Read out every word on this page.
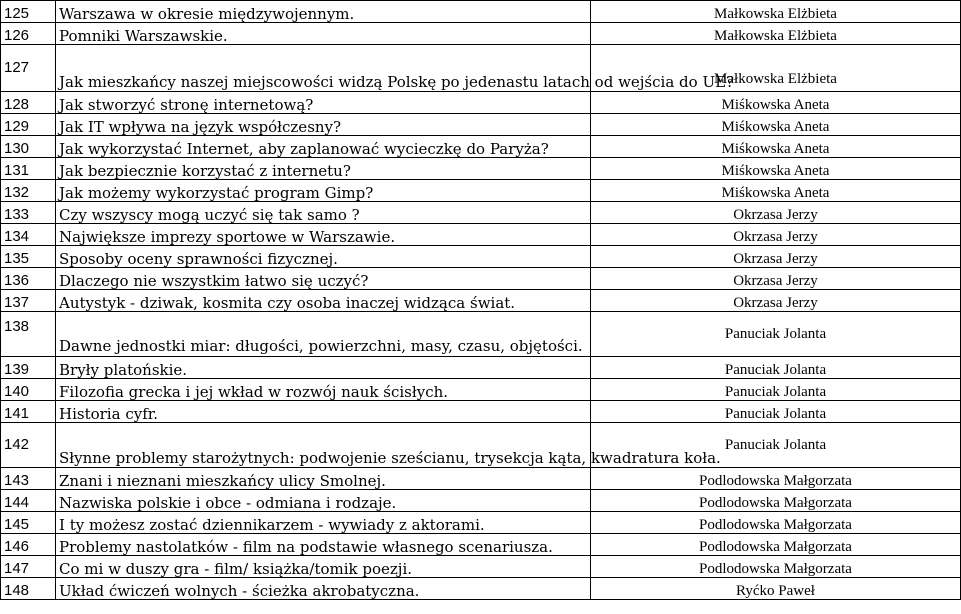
125	Warszawa w okresie międzywojennym.	Małkowska Elżbieta
126	Pomniki Warszawskie.	Małkowska Elżbieta
127	Jak mieszkańcy naszej miejscowości widzą Polskę po jedenastu latach od wejścia do UE?	Małkowska Elżbieta
128	Jak stworzyć stronę internetową?	Miśkowska Aneta
129	Jak IT wpływa na język współczesny?	Miśkowska Aneta
130	Jak wykorzystać Internet, aby zaplanować wycieczkę do Paryża?	Miśkowska Aneta
131	Jak bezpiecznie korzystać z internetu?	Miśkowska Aneta
132	Jak możemy wykorzystać program Gimp?	Miśkowska Aneta
133	Czy wszyscy mogą uczyć się tak samo ?	Okrzasa Jerzy
134	Największe imprezy sportowe w Warszawie.	Okrzasa Jerzy
135	Sposoby oceny sprawności fizycznej.	Okrzasa Jerzy
136	Dlaczego nie wszystkim łatwo się uczyć?	Okrzasa Jerzy
137	Autystyk - dziwak, kosmita czy osoba inaczej widząca świat.	Okrzasa Jerzy
138	Dawne jednostki miar: długości, powierzchni, masy, czasu, objętości.	Panuciak Jolanta
139	Bryły platońskie.	Panuciak Jolanta
140	Filozofia grecka i jej wkład w rozwój nauk ścisłych.	Panuciak Jolanta
141	Historia cyfr.	Panuciak Jolanta
142	Słynne problemy starożytnych: podwojenie sześcianu, trysekcja kąta, kwadratura koła.	Panuciak Jolanta
143	Znani i nieznani mieszkańcy ulicy Smolnej.	Podlodowska Małgorzata
144	Nazwiska polskie i obce - odmiana i rodzaje.	Podlodowska Małgorzata
145	I ty możesz zostać dziennikarzem - wywiady z aktorami.	Podlodowska Małgorzata
146	Problemy nastolatków - film na podstawie własnego scenariusza.	Podlodowska Małgorzata
147	Co mi w duszy gra - film/ książka/tomik poezji.	Podlodowska Małgorzata
148	Układ ćwiczeń wolnych - ścieżka akrobatyczna.	Ryćko Paweł
